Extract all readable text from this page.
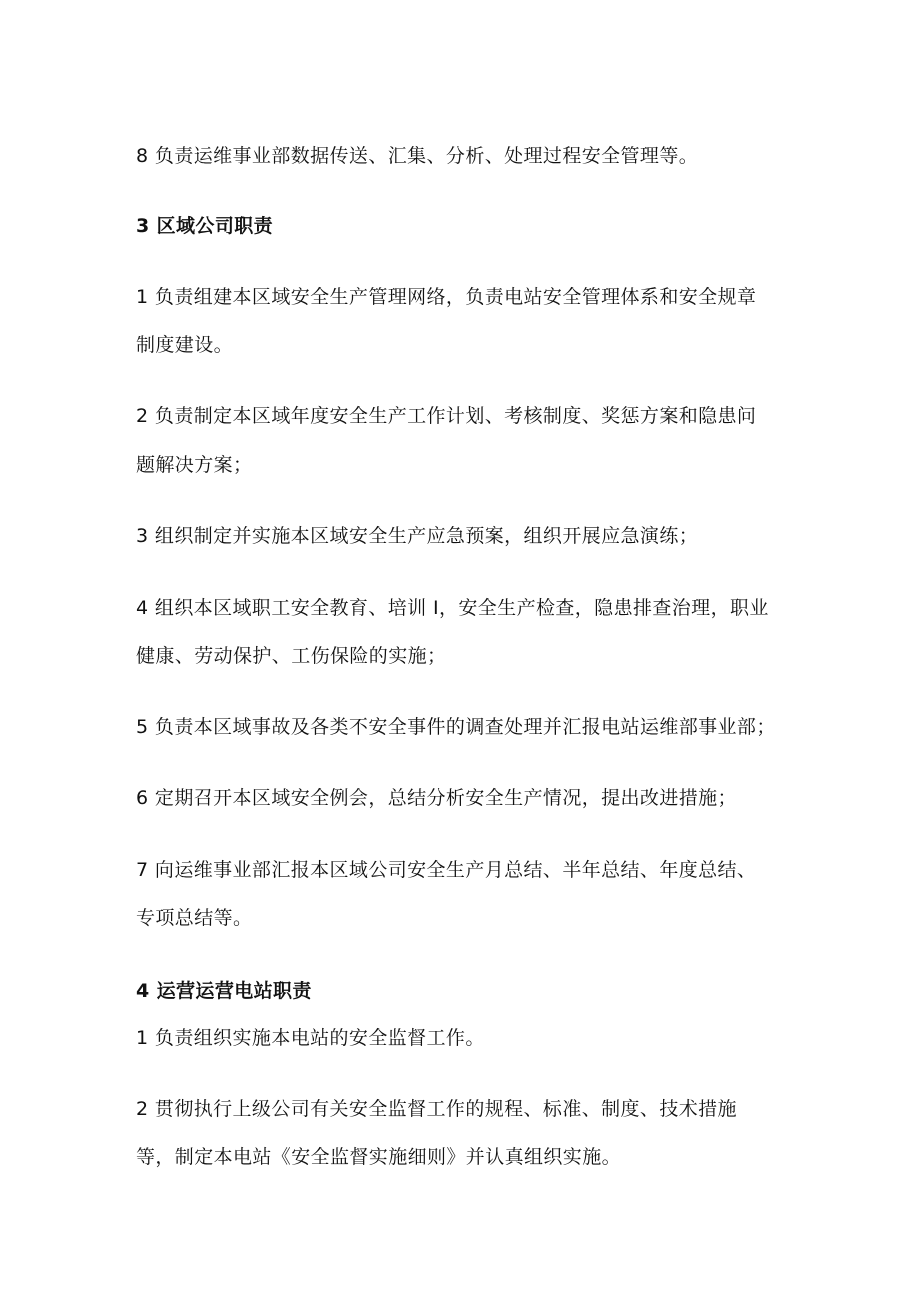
8 负责运维事业部数据传送、汇集、分析、处理过程安全管理等。
3 区域公司职责
1 负责组建本区域安全生产管理网络，负责电站安全管理体系和安全规章
制度建设。
2 负责制定本区域年度安全生产工作计划、考核制度、奖惩方案和隐患问
题解决方案；
3 组织制定并实施本区域安全生产应急预案，组织开展应急演练；
4 组织本区域职工安全教育、培训 I，安全生产检查，隐患排查治理，职业
健康、劳动保护、工伤保险的实施；
5 负责本区域事故及各类不安全事件的调查处理并汇报电站运维部事业部；
6 定期召开本区域安全例会，总结分析安全生产情况，提出改进措施；
7 向运维事业部汇报本区域公司安全生产月总结、半年总结、年度总结、
专项总结等。
4 运营运营电站职责
1 负责组织实施本电站的安全监督工作。
2 贯彻执行上级公司有关安全监督工作的规程、标准、制度、技术措施
等，制定本电站《安全监督实施细则》并认真组织实施。
